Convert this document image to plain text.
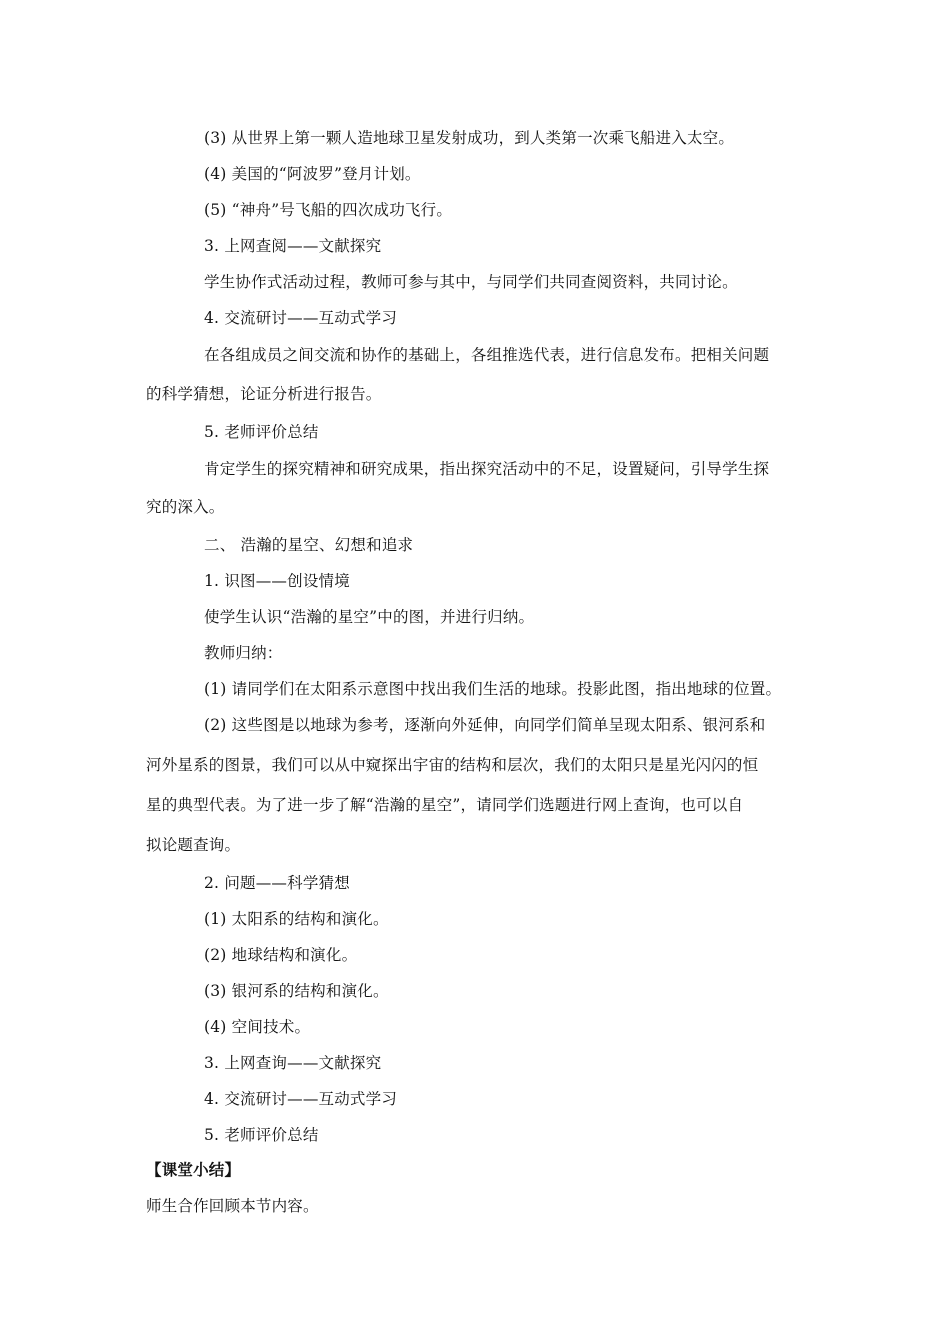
(3) 从世界上第一颗人造地球卫星发射成功，到人类第一次乘飞船进入太空。
(4) 美国的“阿波罗”登月计划。
(5) “神舟”号飞船的四次成功飞行。
3. 上网查阅——文献探究
学生协作式活动过程，教师可参与其中，与同学们共同查阅资料，共同讨论。
4. 交流研讨——互动式学习
在各组成员之间交流和协作的基础上，各组推选代表，进行信息发布。把相关问题
的科学猜想，论证分析进行报告。
5. 老师评价总结
肯定学生的探究精神和研究成果，指出探究活动中的不足，设置疑问，引导学生探
究的深入。
二、 浩瀚的星空、幻想和追求
1. 识图——创设情境
使学生认识“浩瀚的星空”中的图，并进行归纳。
教师归纳：
(1) 请同学们在太阳系示意图中找出我们生活的地球。投影此图，指出地球的位置。
(2) 这些图是以地球为参考，逐渐向外延伸，向同学们简单呈现太阳系、银河系和
河外星系的图景，我们可以从中窥探出宇宙的结构和层次，我们的太阳只是星光闪闪的恒
星的典型代表。为了进一步了解“浩瀚的星空”，请同学们选题进行网上查询，也可以自
拟论题查询。
2. 问题——科学猜想
(1) 太阳系的结构和演化。
(2) 地球结构和演化。
(3) 银河系的结构和演化。
(4) 空间技术。
3. 上网查询——文献探究
4. 交流研讨——互动式学习
5. 老师评价总结
【课堂小结】
师生合作回顾本节内容。
